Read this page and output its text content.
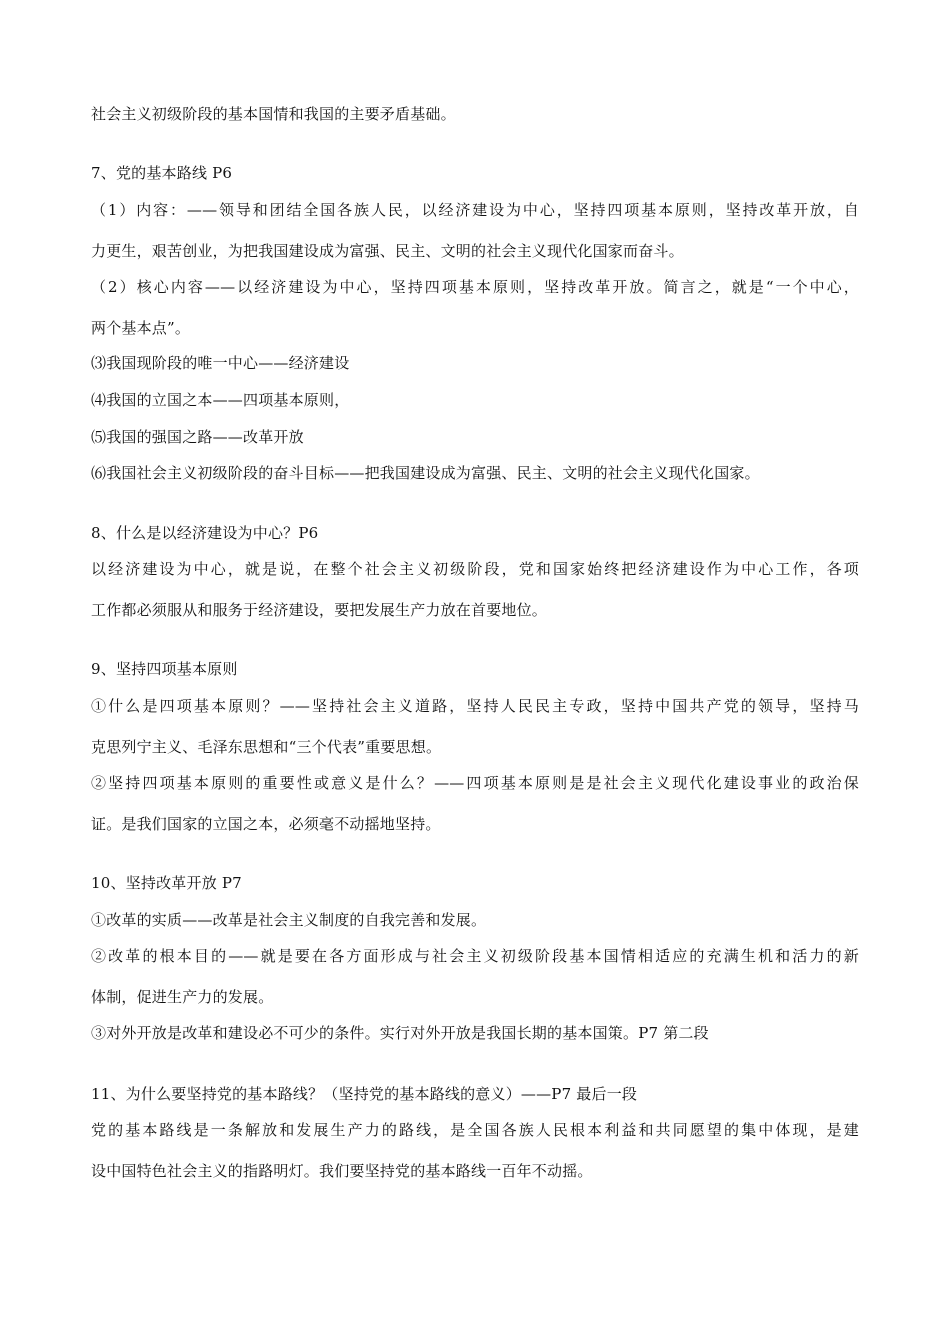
社会主义初级阶段的基本国情和我国的主要矛盾基础。
7、党的基本路线 P6
（1）内容：——领导和团结全国各族人民，以经济建设为中心，坚持四项基本原则，坚持改革开放，自
力更生，艰苦创业，为把我国建设成为富强、民主、文明的社会主义现代化国家而奋斗。
（2）核心内容——以经济建设为中心，坚持四项基本原则，坚持改革开放。简言之，就是“一个中心，
两个基本点”。
⑶我国现阶段的唯一中心——经济建设
⑷我国的立国之本——四项基本原则，
⑸我国的强国之路——改革开放
⑹我国社会主义初级阶段的奋斗目标——把我国建设成为富强、民主、文明的社会主义现代化国家。
8、什么是以经济建设为中心？P6
以经济建设为中心，就是说，在整个社会主义初级阶段，党和国家始终把经济建设作为中心工作，各项
工作都必须服从和服务于经济建设，要把发展生产力放在首要地位。
9、坚持四项基本原则
①什么是四项基本原则？——坚持社会主义道路，坚持人民民主专政，坚持中国共产党的领导，坚持马
克思列宁主义、毛泽东思想和“三个代表”重要思想。
②坚持四项基本原则的重要性或意义是什么？——四项基本原则是是社会主义现代化建设事业的政治保
证。是我们国家的立国之本，必须毫不动摇地坚持。
10、坚持改革开放 P7
①改革的实质——改革是社会主义制度的自我完善和发展。
②改革的根本目的——就是要在各方面形成与社会主义初级阶段基本国情相适应的充满生机和活力的新
体制，促进生产力的发展。
③对外开放是改革和建设必不可少的条件。实行对外开放是我国长期的基本国策。P7 第二段
11、为什么要坚持党的基本路线？（坚持党的基本路线的意义）——P7 最后一段
党的基本路线是一条解放和发展生产力的路线，是全国各族人民根本利益和共同愿望的集中体现，是建
设中国特色社会主义的指路明灯。我们要坚持党的基本路线一百年不动摇。
